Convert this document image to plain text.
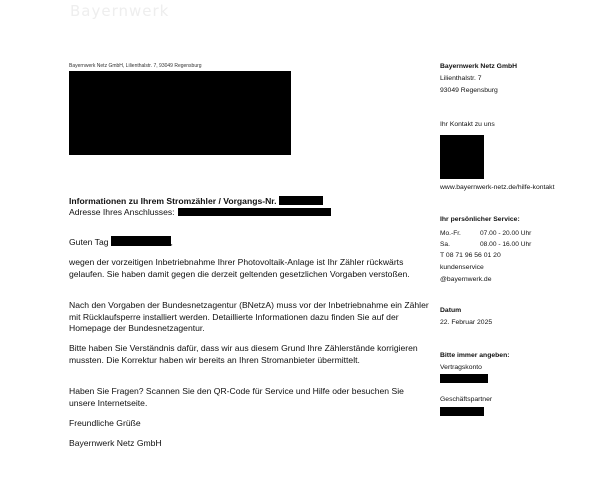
Bayernwerk
Bayernwerk Netz GmbH, Lilienthalstr. 7, 93049 Regensburg
Informationen zu Ihrem Stromzähler / Vorgangs-Nr.
Adresse Ihres Anschlusses:
Guten Tag	,

wegen der vorzeitigen Inbetriebnahme Ihrer Photovoltaik-Anlage ist Ihr Zähler rückwärts gelaufen. Sie haben damit gegen die derzeit geltenden gesetzlichen Vorgaben verstoßen.

Nach den Vorgaben der Bundesnetzagentur (BNetzA) muss vor der Inbetriebnahme ein Zähler mit Rücklaufsperre installiert werden. Detaillierte Informationen dazu finden Sie auf der Homepage der Bundesnetzagentur.

Bitte haben Sie Verständnis dafür, dass wir aus diesem Grund Ihre Zählerstände korrigieren mussten. Die Korrektur haben wir bereits an Ihren Stromanbieter übermittelt.

Haben Sie Fragen? Scannen Sie den QR-Code für Service und Hilfe oder besuchen Sie unsere Internetseite.

Freundliche Grüße
Bayernwerk Netz GmbH
Bayernwerk Netz GmbH
Lilienthalstr. 7
93049 Regensburg
Ihr Kontakt zu uns
www.bayernwerk-netz.de/hilfe-kontakt
Ihr persönlicher Service:
Mo.-Fr.	07.00 - 20.00 Uhr
Sa.	08.00 - 16.00 Uhr
T 08 71 96 56 01 20
kundenservice
@bayernwerk.de
Datum
22. Februar 2025
Bitte immer angeben:
Vertragskonto
Geschäftspartner
